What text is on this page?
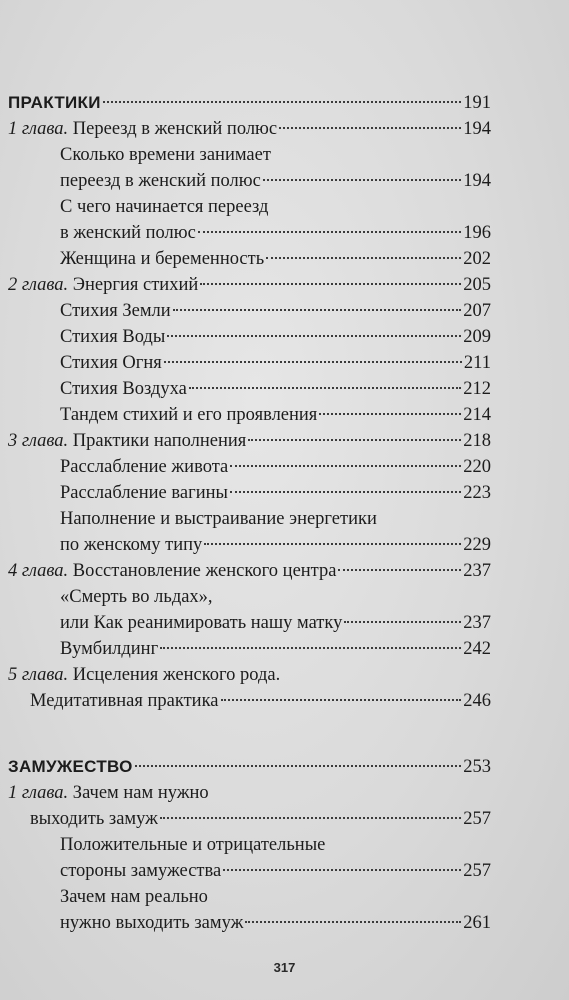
ПРАКТИКИ	191
1 глава. Переезд в женский полюс	194
Сколько времени занимает
переезд в женский полюс	194
С чего начинается переезд
в женский полюс	196
Женщина и беременность	202
2 глава. Энергия стихий	205
Стихия Земли	207
Стихия Воды	209
Стихия Огня	211
Стихия Воздуха	212
Тандем стихий и его проявления	214
3 глава. Практики наполнения	218
Расслабление живота	220
Расслабление вагины	223
Наполнение и выстраивание энергетики
по женскому типу	229
4 глава. Восстановление женского центра	237
«Смерть во льдах»,
или Как реанимировать нашу матку	237
Вумбилдинг	242
5 глава. Исцеления женского рода.
Медитативная практика	246
ЗАМУЖЕСТВО	253
1 глава. Зачем нам нужно
выходить замуж	257
Положительные и отрицательные
стороны замужества	257
Зачем нам реально
нужно выходить замуж	261
317
